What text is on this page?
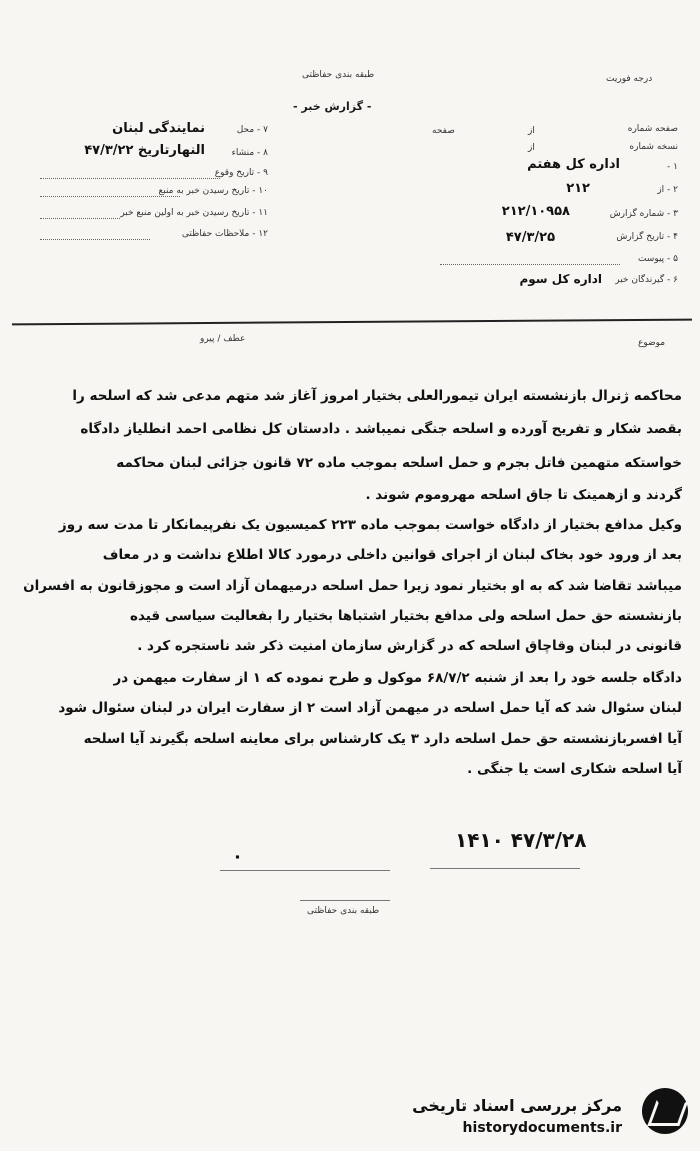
درجه فوریت
طبقه بندی حفاظتی
- گزارش خبر -
۷ - محل
نمایندگی لبنان
۸ - منشاء
النهارتاریخ ۴۷/۳/۲۲
۹ - تاریخ وقوع
۱۰ - تاریخ رسیدن خبر به منبع
۱۱ - تاریخ رسیدن خبر به اولین منبع خبر
۱۲ - ملاحظات حفاظتی
از
صفحه
از
صفحه شماره
نسخه شماره
۱ -
اداره کل هفتم
۲ - از
۲۱۲
۳ - شماره گزارش
۲۱۲/۱۰۹۵۸
۴ - تاریخ گزارش
۴۷/۳/۲۵
۵ - پیوست
۶ - گیرندگان خبر
اداره کل سوم
موضوع
عطف / پیرو
محاکمه ژنرال بازنشسته ایران تیمورالعلی بختیار امروز آغاز شد متهم مدعی شد که اسلحه را
بقصد شکار و تفریح آورده و اسلحه جنگی نمیباشد . دادستان کل نظامی احمد انطلیاز دادگاه
خواستکه متهمین فاتل بجرم و حمل اسلحه بموجب ماده ۷۲ قانون جزائی لبنان محاکمه
گردند و ازهمینک تا جاق اسلحه مهروموم شوند .
وکیل مدافع بختیار از دادگاه خواست بموجب ماده ۲۲۳ کمیسیون یک نفرپیمانکار تا مدت سه روز
بعد از ورود خود بخاک لبنان از اجرای قوانین داخلی درمورد کالا اطلاع نداشت و در معاف
میباشد تقاضا شد که به او بختیار نمود زیرا حمل اسلحه درمیهمان آزاد است و مجوزقانون به افسران
بازنشسته حق حمل اسلحه ولی مدافع بختیار اشتباها بختیار را بفعالیت سیاسی قیده
قانونی در لبنان وقاچاق اسلحه که در گزارش سازمان امنیت ذکر شد ناستجره کرد .
دادگاه جلسه خود را بعد از شنبه ۶۸/۷/۲ موکول و طرح نموده که ۱ از سفارت میهمن در
لبنان سئوال شد که آیا حمل اسلحه در میهمن آزاد است ۲ از سفارت ایران در لبنان سئوال شود
آیا افسربازنشسته حق حمل اسلحه دارد ۳ یک کارشناس برای معاینه اسلحه بگیرند آیا اسلحه
آیا اسلحه شکاری است یا جنگی .
۴۷/۳/۲۸ ۱۴۱۰
۰
طبقه بندی حفاظتی
مرکز بررسی اسناد تاریخی
historydocuments.ir
